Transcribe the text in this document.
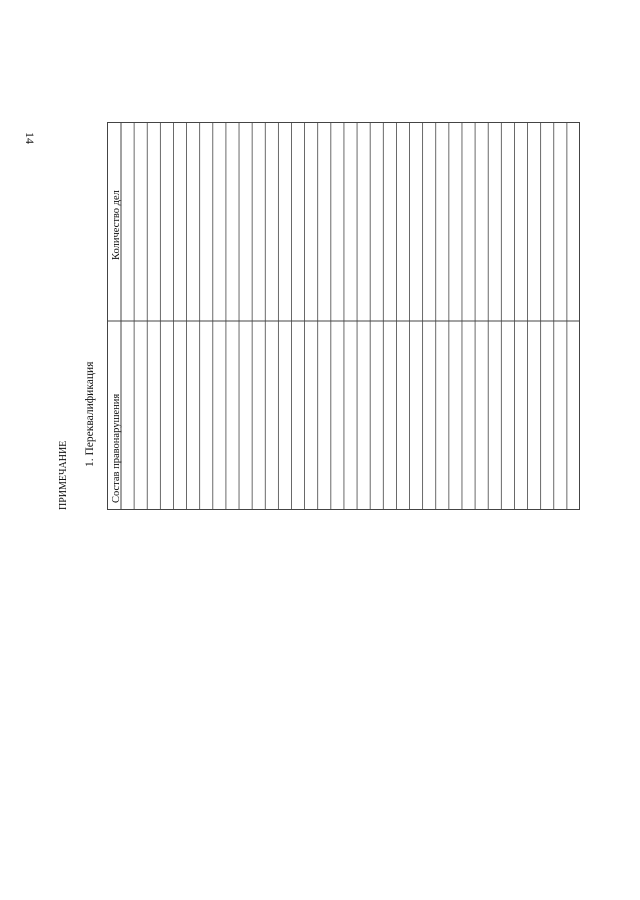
14
ПРИМЕЧАНИЕ
1. Переквалификация Состав правонарушения
Количество дел
